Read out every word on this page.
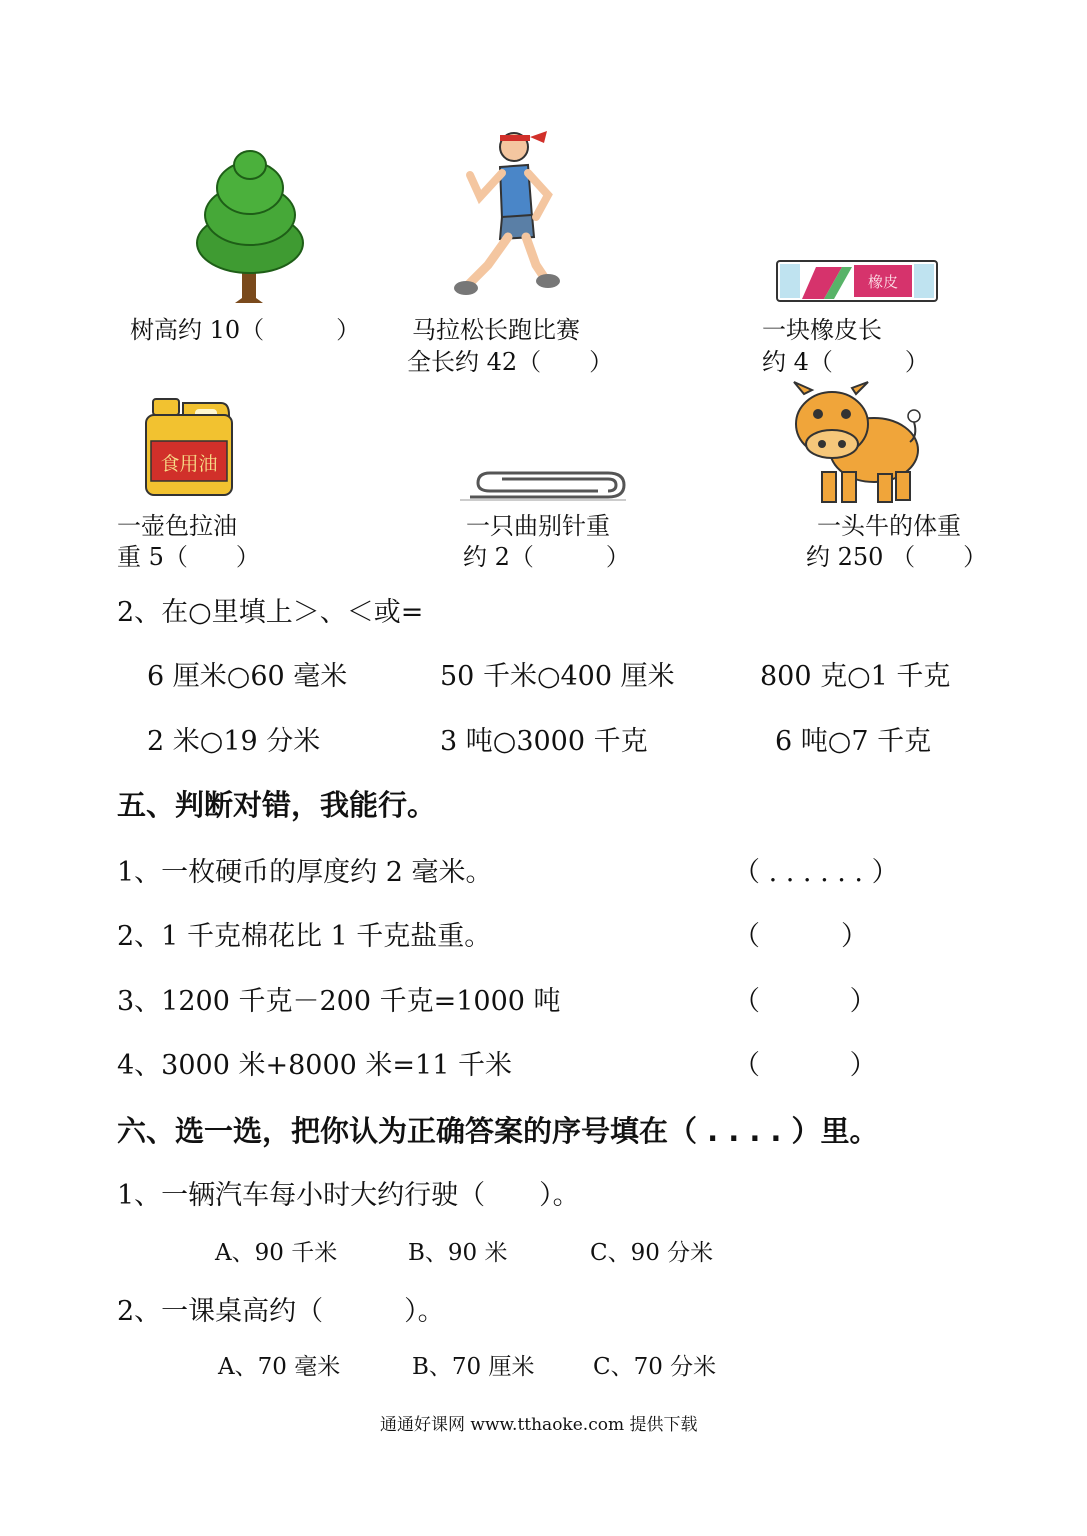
树高约 10（　　　） 马拉松长跑比赛
全长约 42（　　）
橡皮
一块橡皮长
约 4（　　　）
食用油
一壶色拉油
重 5（　　）
一只曲别针重
约 2（　　　）
一头牛的体重
约 250 （　　）
2、在○里填上＞、＜或=
6 厘米○60 毫米	50 千米○400 厘米	800 克○1 千克
2 米○19 分米	3 吨○3000 千克	6 吨○7 千克
五、判断对错，我能行。
1、一枚硬币的厚度约 2 毫米。	（ . . . . . . ）
2、1 千克棉花比 1 千克盐重。	（　　　）
3、1200 千克－200 千克=1000 吨	（　　　 ）
4、3000 米+8000 米=11 千米	（　　　 ）
六、选一选，把你认为正确答案的序号填在（ . . . . ）里。
1、一辆汽车每小时大约行驶（　　）。
A、90 千米	B、90 米	C、90 分米
2、一课桌高约（　　　）。
A、70 毫米	B、70 厘米	C、70 分米
通通好课网 www.tthaoke.com 提供下载
